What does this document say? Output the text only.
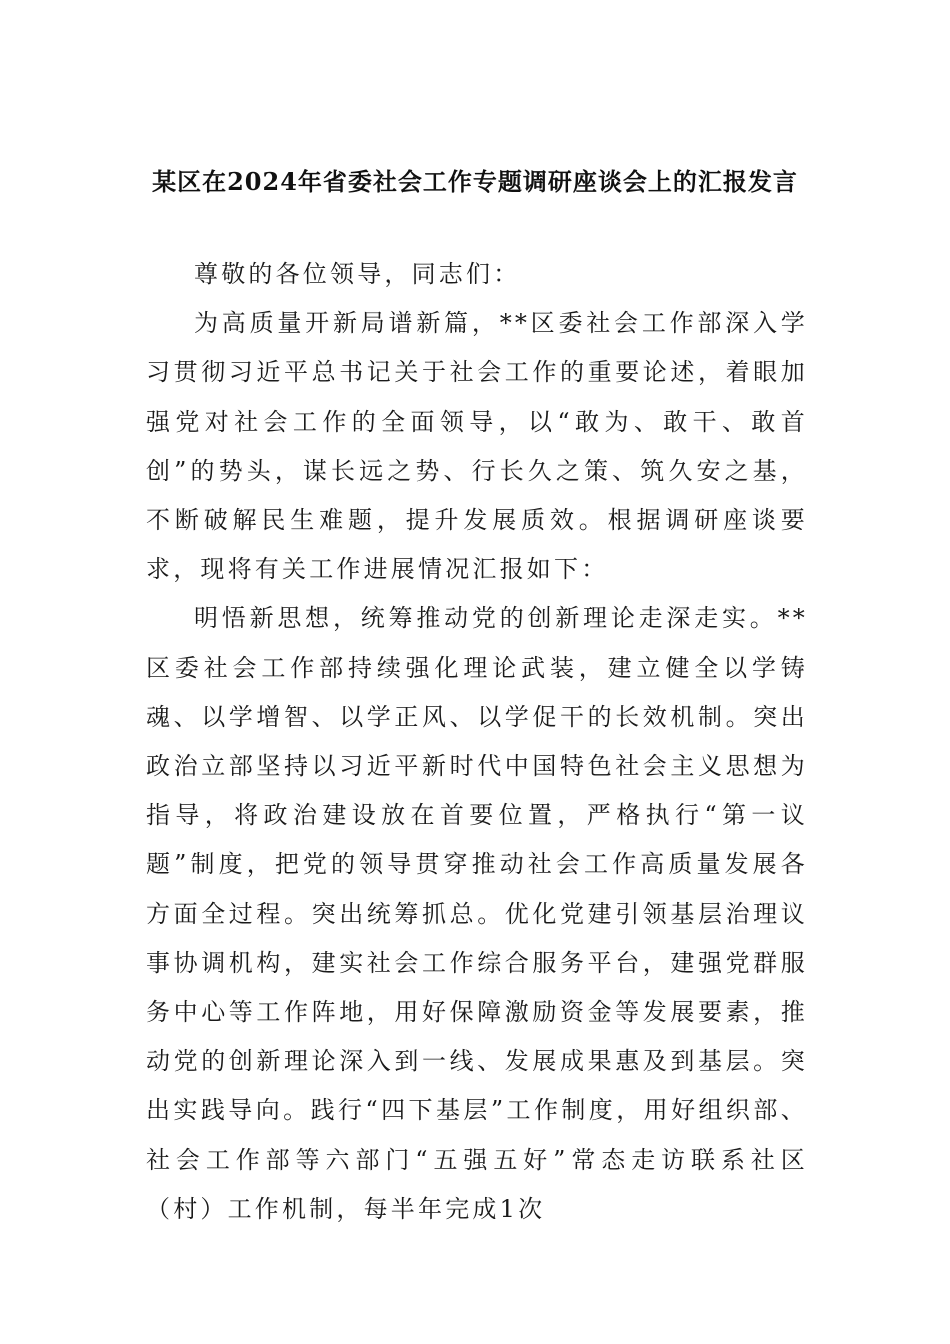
某区在2024年省委社会工作专题调研座谈会上的汇报发言

尊敬的各位领导，同志们：

为高质量开新局谱新篇，**区委社会工作部深入学习贯彻习近平总书记关于社会工作的重要论述，着眼加强党对社会工作的全面领导，以“敢为、敢干、敢首创”的势头，谋长远之势、行长久之策、筑久安之基，不断破解民生难题，提升发展质效。根据调研座谈要求，现将有关工作进展情况汇报如下：

明悟新思想，统筹推动党的创新理论走深走实。**区委社会工作部持续强化理论武装，建立健全以学铸魂、以学增智、以学正风、以学促干的长效机制。突出政治立部坚持以习近平新时代中国特色社会主义思想为指导，将政治建设放在首要位置，严格执行“第一议题”制度，把党的领导贯穿推动社会工作高质量发展各方面全过程。突出统筹抓总。优化党建引领基层治理议事协调机构，建实社会工作综合服务平台，建强党群服务中心等工作阵地，用好保障激励资金等发展要素，推动党的创新理论深入到一线、发展成果惠及到基层。突出实践导向。践行“四下基层”工作制度，用好组织部、社会工作部等六部门“五强五好”常态走访联系社区（村）工作机制，每半年完成1次
